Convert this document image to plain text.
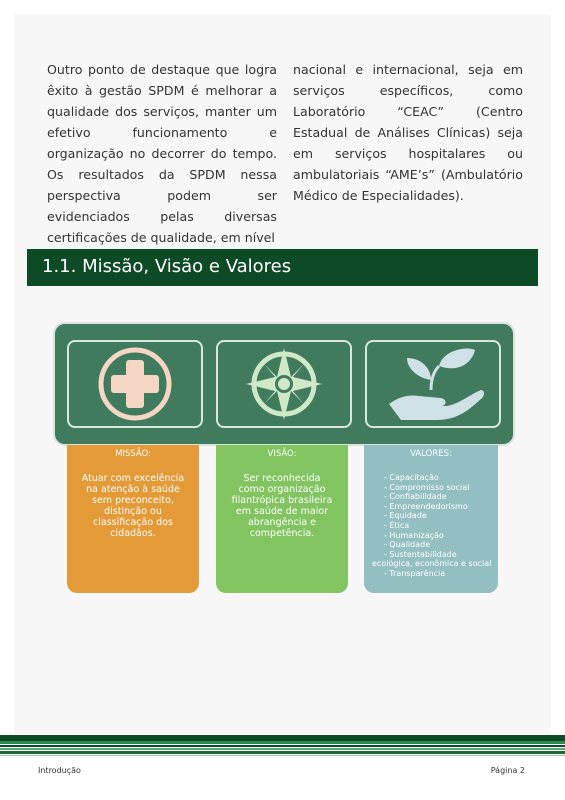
Outro ponto de destaque que logra êxito à gestão SPDM é melhorar a qualidade dos serviços, manter um efetivo funcionamento e organização no decorrer do tempo. Os resultados da SPDM nessa perspectiva podem ser evidenciados pelas diversas certificações de qualidade, em nível

nacional e internacional, seja em serviços específicos, como Laboratório “CEAC” (Centro Estadual de Análises Clínicas) seja em serviços hospitalares ou ambulatoriais “AME’s” (Ambulatório Médico de Especialidades).

1.1. Missão, Visão e Valores
MISSÃO:
Atuar com excelência na atenção à saúde sem preconceito, distinção ou classificação dos cidadãos.
VISÃO:
Ser reconhecida como organização filantrópica brasileira em saúde de maior abrangência e competência.
VALORES:
- Capacitação
- Compromisso social
- Confiabilidade
- Empreendedorismo
- Equidade
- Ética
- Humanização
- Qualidade
- Sustentabilidade
ecológica, econômica e social
- Transparência
Introdução	Página 2
